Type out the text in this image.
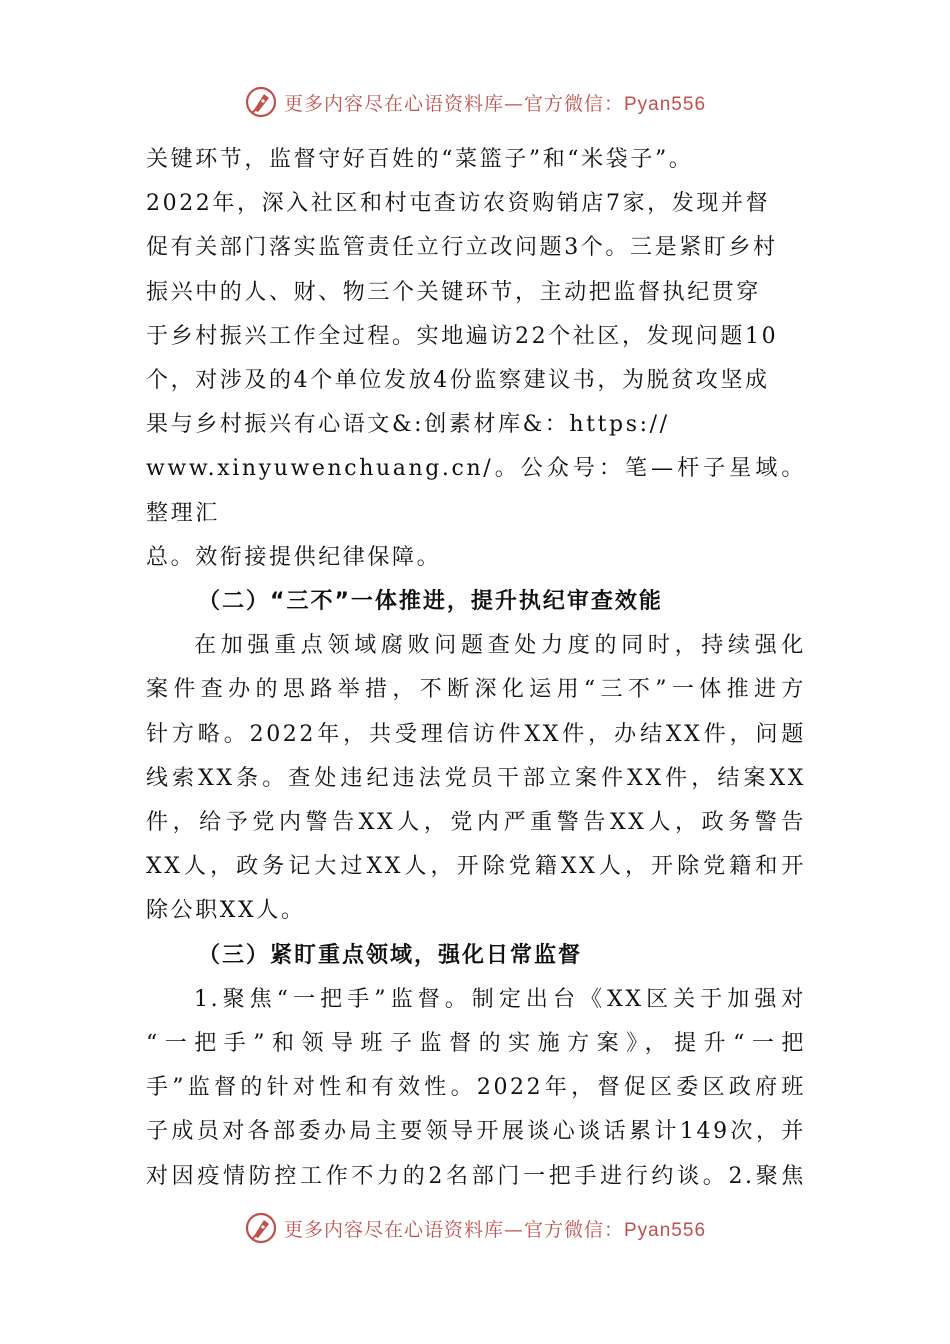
更多内容尽在心语资料库—官方微信：Pyan556

关键环节，监督守好百姓的“菜篮子”和“米袋子”。
2022年，深入社区和村屯查访农资购销店7家，发现并督
促有关部门落实监管责任立行立改问题3个。三是紧盯乡村
振兴中的人、财、物三个关键环节，主动把监督执纪贯穿
于乡村振兴工作全过程。实地遍访22个社区，发现问题10
个，对涉及的4个单位发放4份监察建议书，为脱贫攻坚成
果与乡村振兴有心语文&:创素材库&：https://
www.xinyuwenchuang.cn/。公众号：笔—杆子星域。整理汇
总。效衔接提供纪律保障。

（二）“三不”一体推进，提升执纪审查效能

在加强重点领域腐败问题查处力度的同时，持续强化
案件查办的思路举措，不断深化运用“三不”一体推进方
针方略。2022年，共受理信访件XX件，办结XX件，问题
线索XX条。查处违纪违法党员干部立案件XX件，结案XX
件，给予党内警告XX人，党内严重警告XX人，政务警告
XX人，政务记大过XX人，开除党籍XX人，开除党籍和开
除公职XX人。

（三）紧盯重点领域，强化日常监督

1.聚焦“一把手”监督。制定出台《XX区关于加强对
“一把手”和领导班子监督的实施方案》，提升“一把
手”监督的针对性和有效性。2022年，督促区委区政府班
子成员对各部委办局主要领导开展谈心谈话累计149次，并
对因疫情防控工作不力的2名部门一把手进行约谈。2.聚焦

更多内容尽在心语资料库—官方微信：Pyan556
